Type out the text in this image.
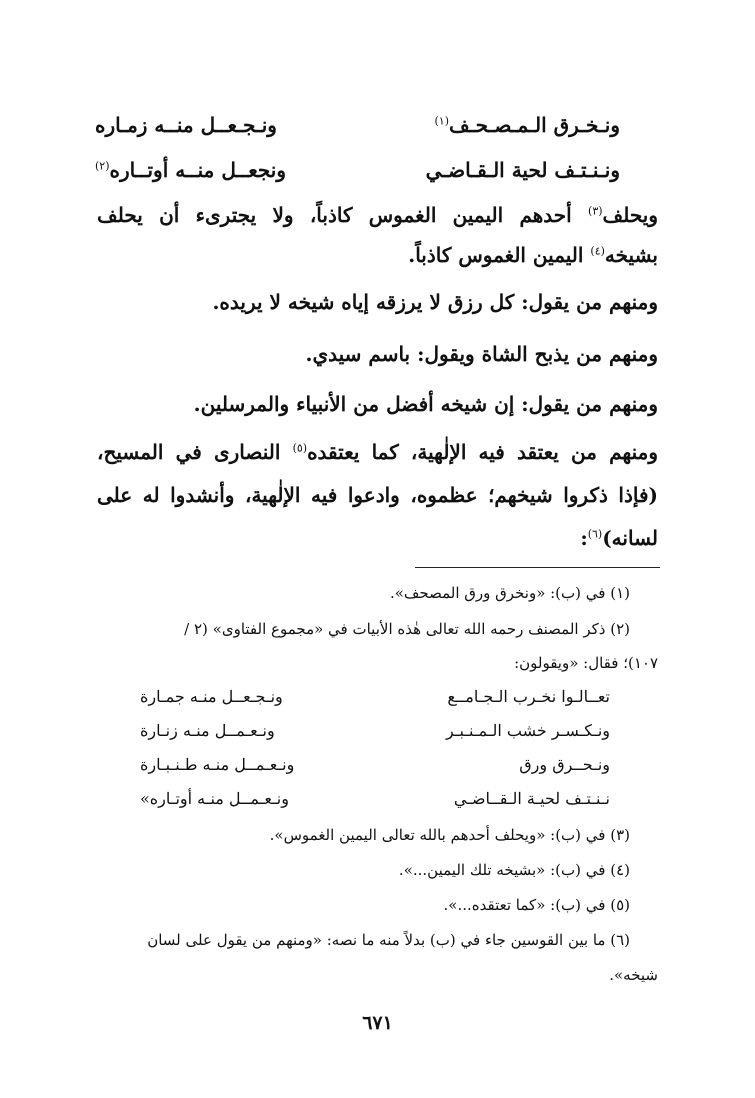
ونـخـرق الـمـصـحـف$^{(١)}$
ونـجـعــل منــه زمـاره
ونـنـتـف لحية الـقـاضـي
ونجعــل منــه أوتــاره$^{(٢)}$
ويحلف$^{(٣)}$ أحدهم اليمين الغموس كاذباً، ولا يجترىء أن يحلف
بشيخه$^{(٤)}$ اليمين الغموس كاذباً.
ومنهم من يقول: كل رزق لا يرزقه إياه شيخه لا يريده.
ومنهم من يذبح الشاة ويقول: باسم سيدي.
ومنهم من يقول: إن شيخه أفضل من الأنبياء والمرسلين.
ومنهم من يعتقد فيه الإلٰهية، كما يعتقده$^{(٥)}$ النصارى في المسيح،
(فإذا ذكروا شيخهم؛ عظموه، وادعوا فيه الإلٰهية، وأنشدوا له على
لسانه)$^{(٦)}$:
(١) في (ب): «ونخرق ورق المصحف».
(٢) ذكر المصنف رحمه الله تعالى هٰذه الأبيات في «مجموع الفتاوى» (٢ /
١٠٧)؛ فقال: «ويقولون:
تعــالـوا نخـرب الـجـامــع
ونـجـعــل منـه جمـارة
ونـكـسـر خشب الـمـنـبـر
ونـعـمــل منـه زنـارة
ونـحــرق ورق
ونـعـمــل منـه طـنـبـارة
نـنـتـف لحيـة الـقــاضـي
ونـعـمــل منـه أوتـاره»
(٣) في (ب): «ويحلف أحدهم بالله تعالى اليمين الغموس».
(٤) في (ب): «بشيخه تلك اليمين...».
(٥) في (ب): «كما تعتقده...».
(٦) ما بين القوسين جاء في (ب) بدلاً منه ما نصه: «ومنهم من يقول على لسان
شيخه».
٦٧١
